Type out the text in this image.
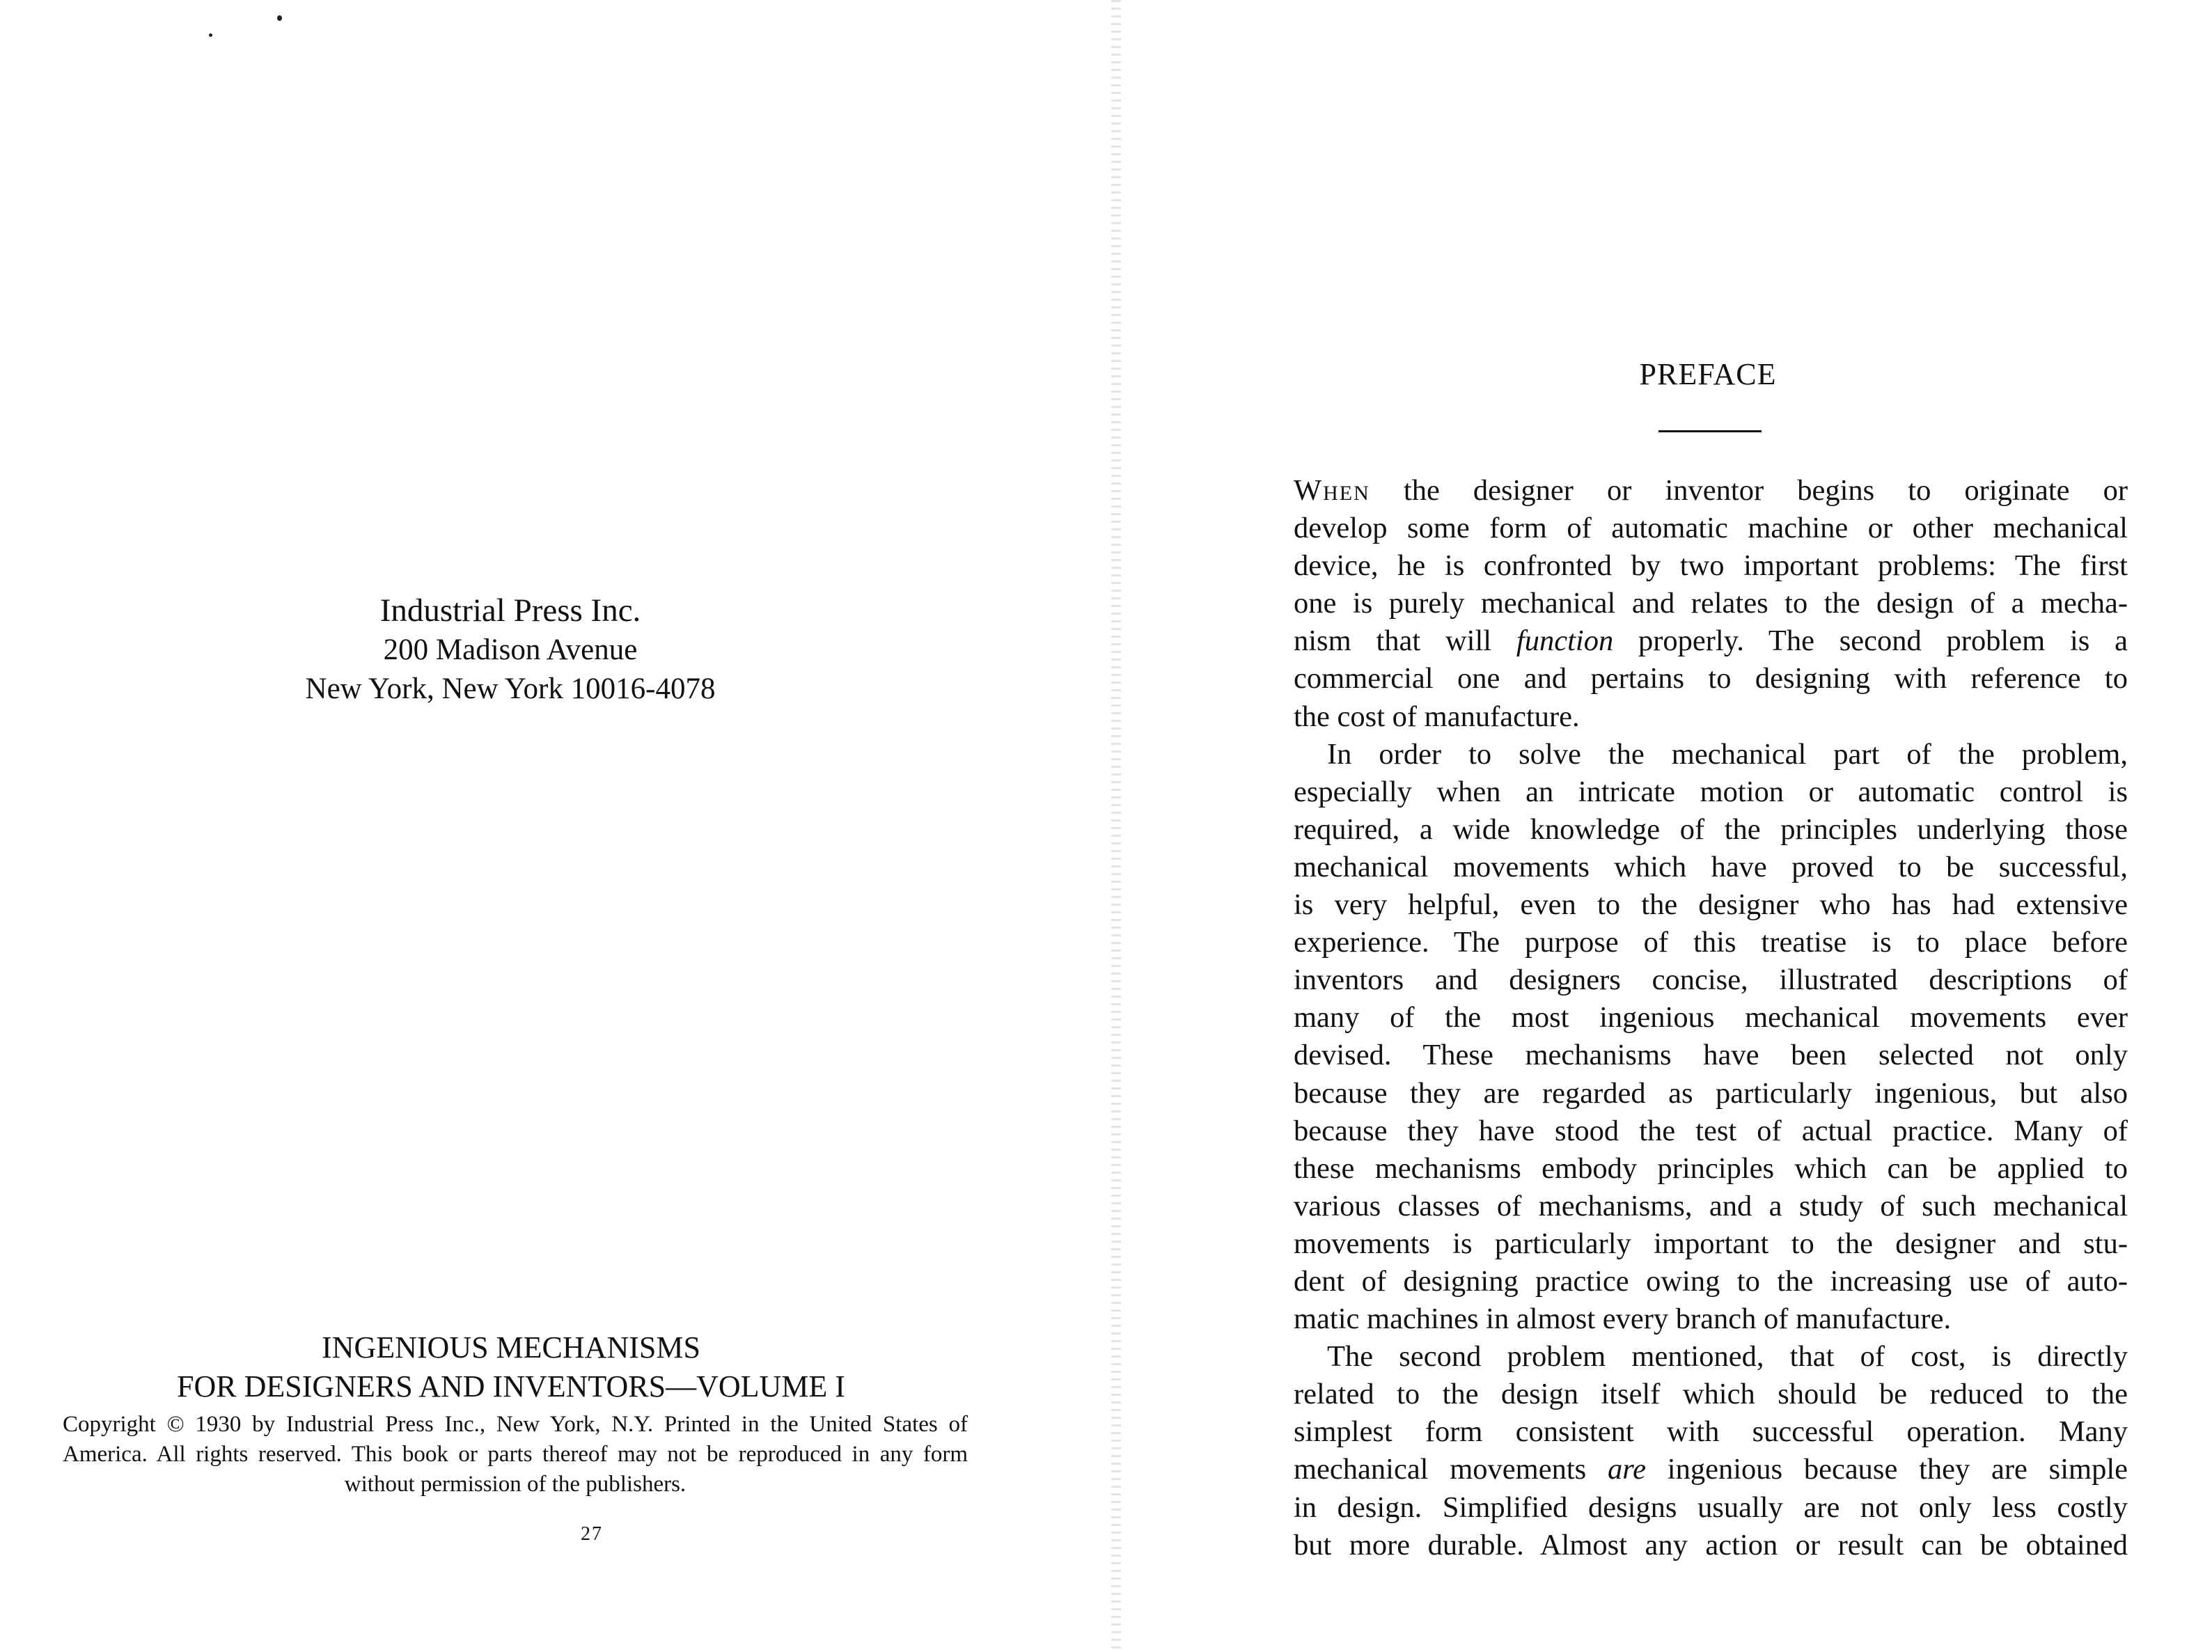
Industrial Press Inc.
200 Madison Avenue
New York, New York 10016-4078
INGENIOUS MECHANISMS
FOR DESIGNERS AND INVENTORS—VOLUME I
Copyright © 1930 by Industrial Press Inc., New York, N.Y. Printed in the United States of America. All rights reserved. This book or parts thereof may not be reproduced in any form without permission of the publishers.
27
PREFACE
When the designer or inventor begins to originate or
develop some form of automatic machine or other mechanical
device, he is confronted by two important problems: The first
one is purely mechanical and relates to the design of a mecha-
nism that will function properly. The second problem is a
commercial one and pertains to designing with reference to
the cost of manufacture.
In order to solve the mechanical part of the problem,
especially when an intricate motion or automatic control is
required, a wide knowledge of the principles underlying those
mechanical movements which have proved to be successful,
is very helpful, even to the designer who has had extensive
experience. The purpose of this treatise is to place before
inventors and designers concise, illustrated descriptions of
many of the most ingenious mechanical movements ever
devised. These mechanisms have been selected not only
because they are regarded as particularly ingenious, but also
because they have stood the test of actual practice. Many of
these mechanisms embody principles which can be applied to
various classes of mechanisms, and a study of such mechanical
movements is particularly important to the designer and stu-
dent of designing practice owing to the increasing use of auto-
matic machines in almost every branch of manufacture.
The second problem mentioned, that of cost, is directly
related to the design itself which should be reduced to the
simplest form consistent with successful operation. Many
mechanical movements are ingenious because they are simple
in design. Simplified designs usually are not only less costly
but more durable. Almost any action or result can be obtained
